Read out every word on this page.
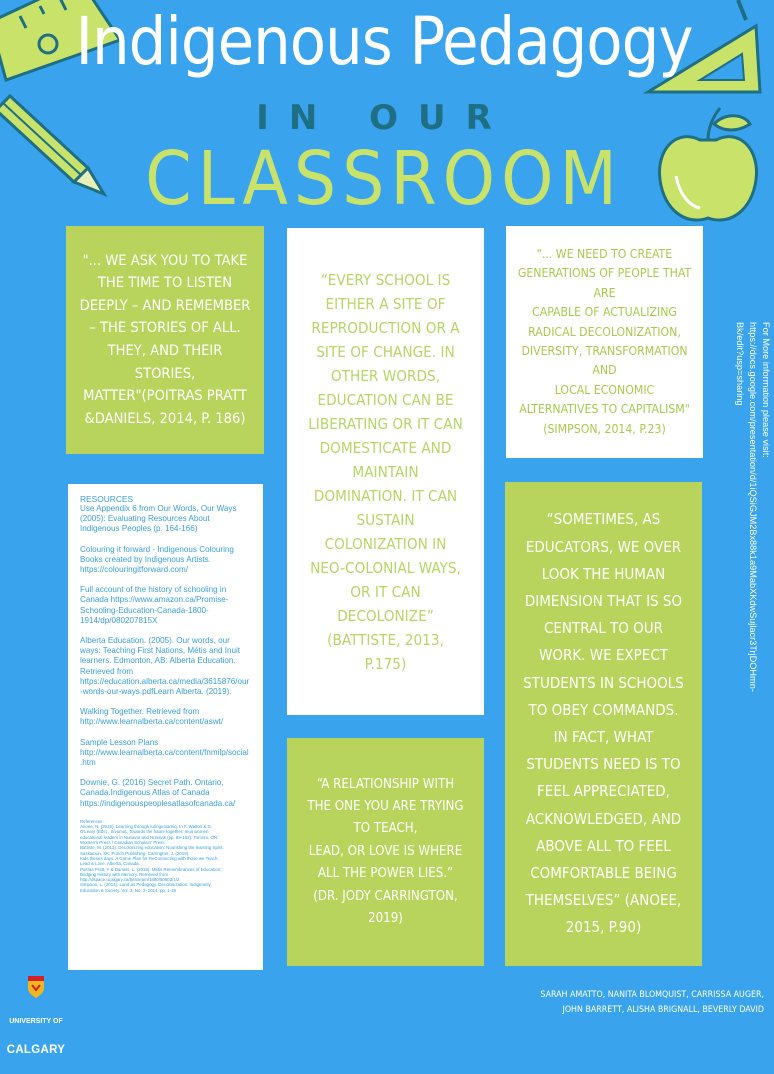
Indigenous Pedagogy
IN OUR
CLASSROOM
"... WE ASK YOU TO TAKE
THE TIME TO LISTEN
DEEPLY – AND REMEMBER
– THE STORIES OF ALL.
THEY, AND THEIR
STORIES,
MATTER"(POITRAS PRATT
&DANIELS, 2014, P. 186)
“EVERY SCHOOL IS
EITHER A SITE OF
REPRODUCTION OR A
SITE OF CHANGE. IN
OTHER WORDS,
EDUCATION CAN BE
LIBERATING OR IT CAN
DOMESTICATE AND
MAINTAIN
DOMINATION. IT CAN
SUSTAIN
COLONIZATION IN
NEO-COLONIAL WAYS,
OR IT CAN
DECOLONIZE”
(BATTISTE, 2013,
P.175)
"... WE NEED TO CREATE
GENERATIONS OF PEOPLE THAT
ARE
CAPABLE OF ACTUALIZING
RADICAL DECOLONIZATION,
DIVERSITY, TRANSFORMATION
AND
LOCAL ECONOMIC
ALTERNATIVES TO CAPITALISM"
(SIMPSON, 2014, P.23)
“SOMETIMES, AS
EDUCATORS, WE OVER
LOOK THE HUMAN
DIMENSION THAT IS SO
CENTRAL TO OUR
WORK. WE EXPECT
STUDENTS IN SCHOOLS
TO OBEY COMMANDS.
IN FACT, WHAT
STUDENTS NEED IS TO
FEEL APPRECIATED,
ACKNOWLEDGED, AND
ABOVE ALL TO FEEL
COMFORTABLE BEING
THEMSELVES” (ANOEE,
2015, P.90)
“A RELATIONSHIP WITH
THE ONE YOU ARE TRYING
TO TEACH,
LEAD, OR LOVE IS WHERE
ALL THE POWER LIES.”
(DR. JODY CARRINGTON,
2019)
RESOURCES
Use Appendix 6 from Our Words, Our Ways
(2005): Evaluating Resources About
Indigenous Peoples (p. 164-166)
Colouring it forward - Indigenous Colouring
Books created by Indigenous Artists.
https://colouringitforward.com/
Full account of the history of schooling in
Canada https://www.amazon.ca/Promise-
Schooling-Education-Canada-1800-
1914/dp/080207815X
Alberta Education. (2005). Our words, our
ways: Teaching First Nations, Métis and Inuit
learners. Edmonton, AB: Alberta Education.
Retrieved from
https://education.alberta.ca/media/3615876/our
-words-our-ways.pdfLearn Alberta. (2019).
Walking Together. Retrieved from
http://www.learnalberta.ca/content/aswt/
Sample Lesson Plans
http://www.learnalberta.ca/content/fnmilp/social
.htm
Downie, G. (2016) Secret Path. Ontario,
Canada.Indigenous Atlas of Canada
https://indigenouspeoplesatlasofcanada.ca/
References
Anoee, N. (2015). Learning through iuringeniarniq. In F. Walton & D.
O'Leary (Eds) , Sivumut, Towards the future together: Inuit women
educational leaders in Nunavut and Nunavik (pp. 89-102). Toronto, ON:
Women's Press / Canadian Scholars' Press.
Battiste, M. (2013). Decolonizing education: Nourishing the learning Spirit.
Saskatoon, SK: Purich Publishing. Carrington, J. (2019).
Kids theses days. A Game Plan for ReConnecting with those we Teach,
Lead & Love. Alberta, Canada.
Poitras Pratt, Y & Daniels, L. (2016). Metis Remembrances of Education:
Bridging History with Memory. Retrieved from
http://dspace.ucalgary.ca/bitstream/1880/50603/1/2
Simpson, L. (2014). Land as Pedagogy. Decolonization: Indigeneity,
Education & Society. Vol. 3, No. 3, 2014, pp. 1-25
For More information please visit:
https://docs.google.com/presentation/d/1iQSiGJM2Bx88k1a9MabXKdwSujlacr3TrjDOHmn-Bk/edit?usp=sharing

UNIVERSITY OF

CALGARY

SARAH AMATTO, NANITA BLOMQUIST, CARRISSA AUGER,
JOHN BARRETT, ALISHA BRIGNALL, BEVERLY DAVID
